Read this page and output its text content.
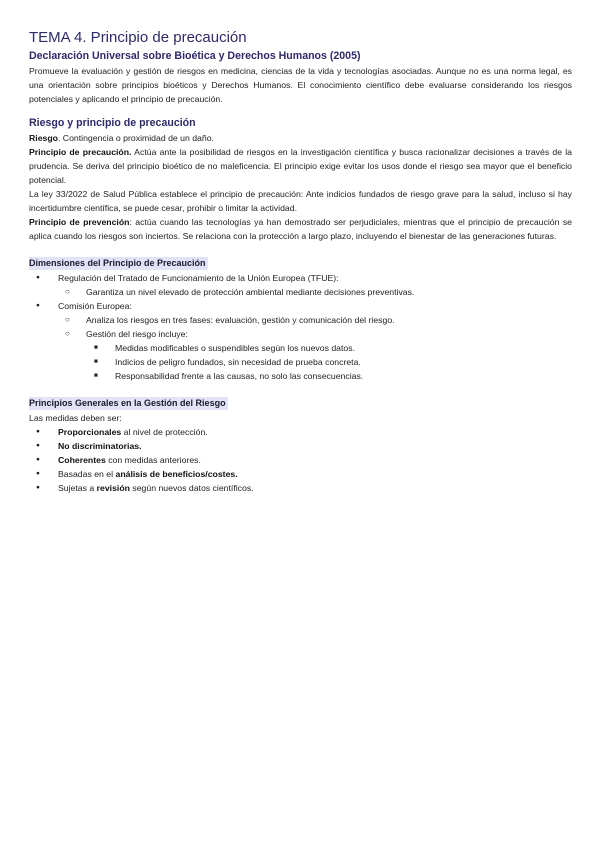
TEMA 4. Principio de precaución
Declaración Universal sobre Bioética y Derechos Humanos (2005)

Promueve la evaluación y gestión de riesgos en medicina, ciencias de la vida y tecnologías asociadas. Aunque no es una norma legal, es una orientación sobre principios bioéticos y Derechos Humanos. El conocimiento científico debe evaluarse considerando los riesgos potenciales y aplicando el principio de precaución.

Riesgo y principio de precaución

Riesgo. Contingencia o proximidad de un daño.

Principio de precaución. Actúa ante la posibilidad de riesgos en la investigación científica y busca racionalizar decisiones a través de la prudencia. Se deriva del principio bioético de no maleficencia. El principio exige evitar los usos donde el riesgo sea mayor que el beneficio potencial.

La ley 33/2022 de Salud Pública establece el principio de precaución: Ante indicios fundados de riesgo grave para la salud, incluso si hay incertidumbre científica, se puede cesar, prohibir o limitar la actividad.

Principio de prevención: actúa cuando las tecnologías ya han demostrado ser perjudiciales, mientras que el principio de precaución se aplica cuando los riesgos son inciertos. Se relaciona con la protección a largo plazo, incluyendo el bienestar de las generaciones futuras.

Dimensiones del Principio de Precaución
● Regulación del Tratado de Funcionamiento de la Unión Europea (TFUE):
○ Garantiza un nivel elevado de protección ambiental mediante decisiones preventivas.
● Comisión Europea:
○ Analiza los riesgos en tres fases: evaluación, gestión y comunicación del riesgo.
○ Gestión del riesgo incluye:
■ Medidas modificables o suspendibles según los nuevos datos.
■ Indicios de peligro fundados, sin necesidad de prueba concreta.
■ Responsabilidad frente a las causas, no solo las consecuencias.
Principios Generales en la Gestión del Riesgo

Las medidas deben ser:

● Proporcionales al nivel de protección.
● No discriminatorias.
● Coherentes con medidas anteriores.
● Basadas en el análisis de beneficios/costes.
● Sujetas a revisión según nuevos datos científicos.
